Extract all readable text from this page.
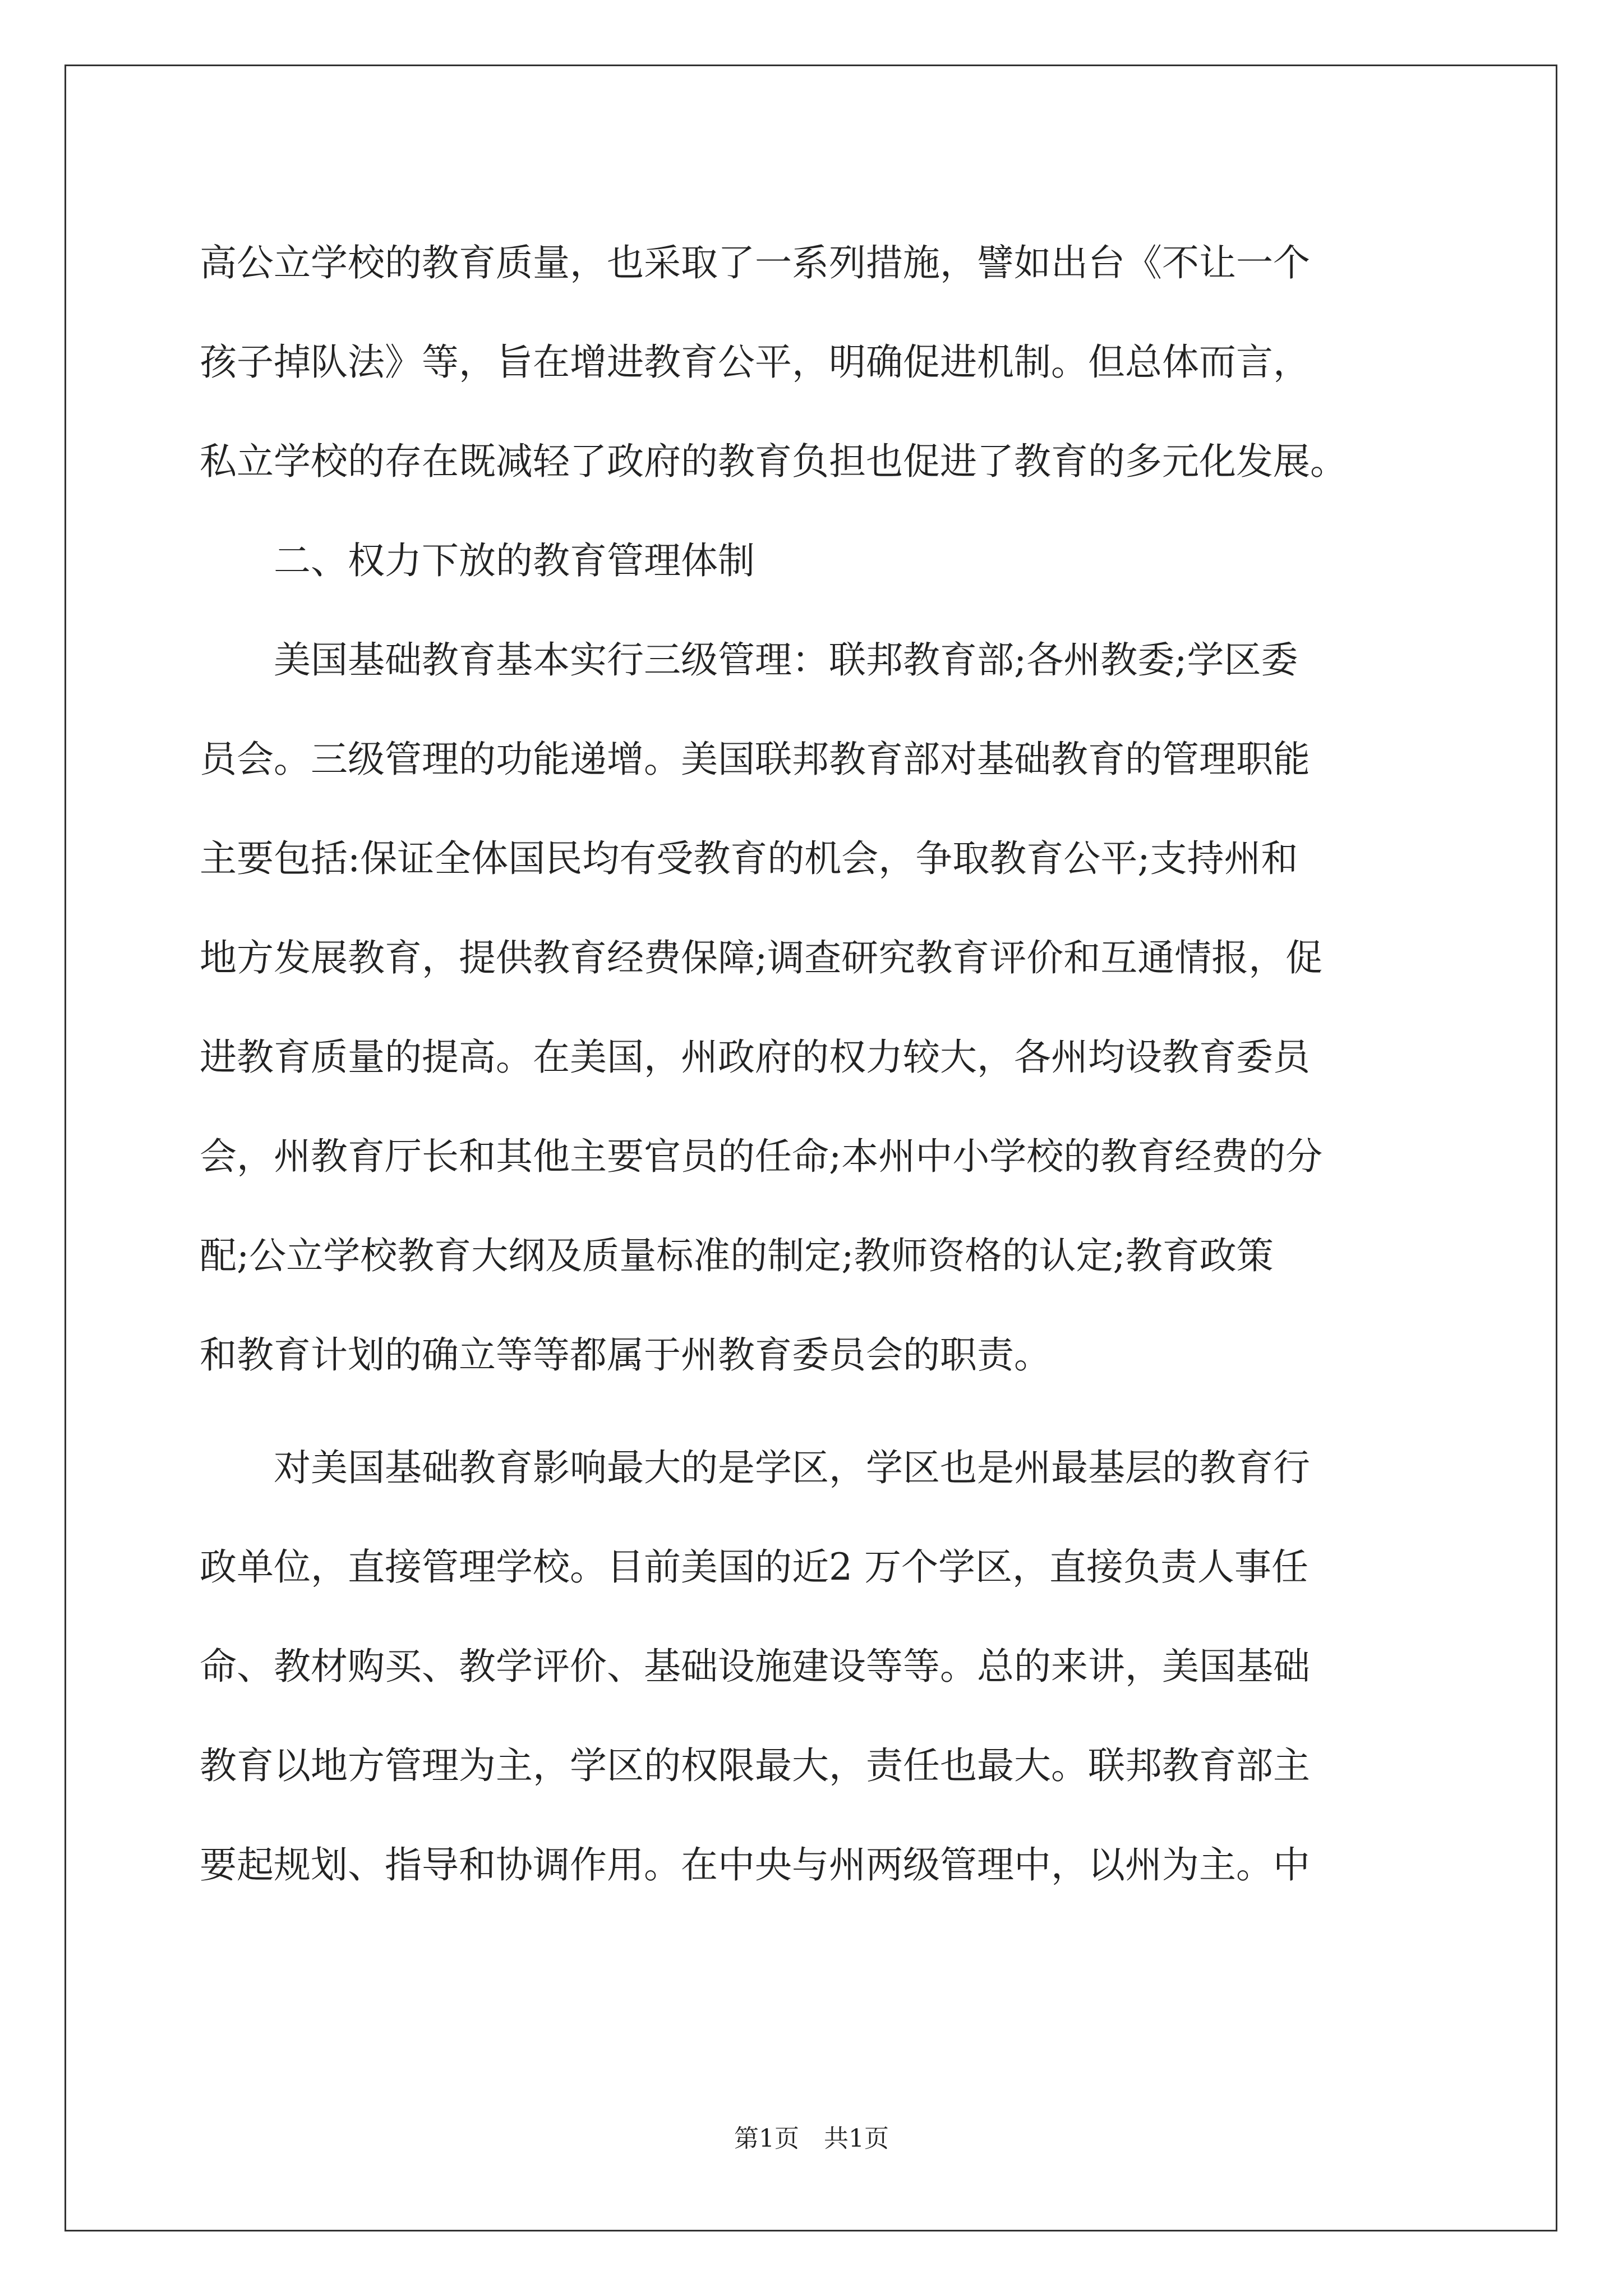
高公立学校的教育质量，也采取了一系列措施，譬如出台《不让一个
孩子掉队法》等，旨在增进教育公平，明确促进机制。但总体而言，
私立学校的存在既减轻了政府的教育负担也促进了教育的多元化发展。
二、权力下放的教育管理体制
美国基础教育基本实行三级管理：联邦教育部;各州教委;学区委
员会。三级管理的功能递增。美国联邦教育部对基础教育的管理职能
主要包括:保证全体国民均有受教育的机会，争取教育公平;支持州和
地方发展教育，提供教育经费保障;调查研究教育评价和互通情报，促
进教育质量的提高。在美国，州政府的权力较大，各州均设教育委员
会，州教育厅长和其他主要官员的任命;本州中小学校的教育经费的分
配;公立学校教育大纲及质量标准的制定;教师资格的认定;教育政策
和教育计划的确立等等都属于州教育委员会的职责。
对美国基础教育影响最大的是学区，学区也是州最基层的教育行
政单位，直接管理学校。目前美国的近2 万个学区，直接负责人事任
命、教材购买、教学评价、基础设施建设等等。总的来讲，美国基础
教育以地方管理为主，学区的权限最大，责任也最大。联邦教育部主
要起规划、指导和协调作用。在中央与州两级管理中，以州为主。中
第1页　共1页
